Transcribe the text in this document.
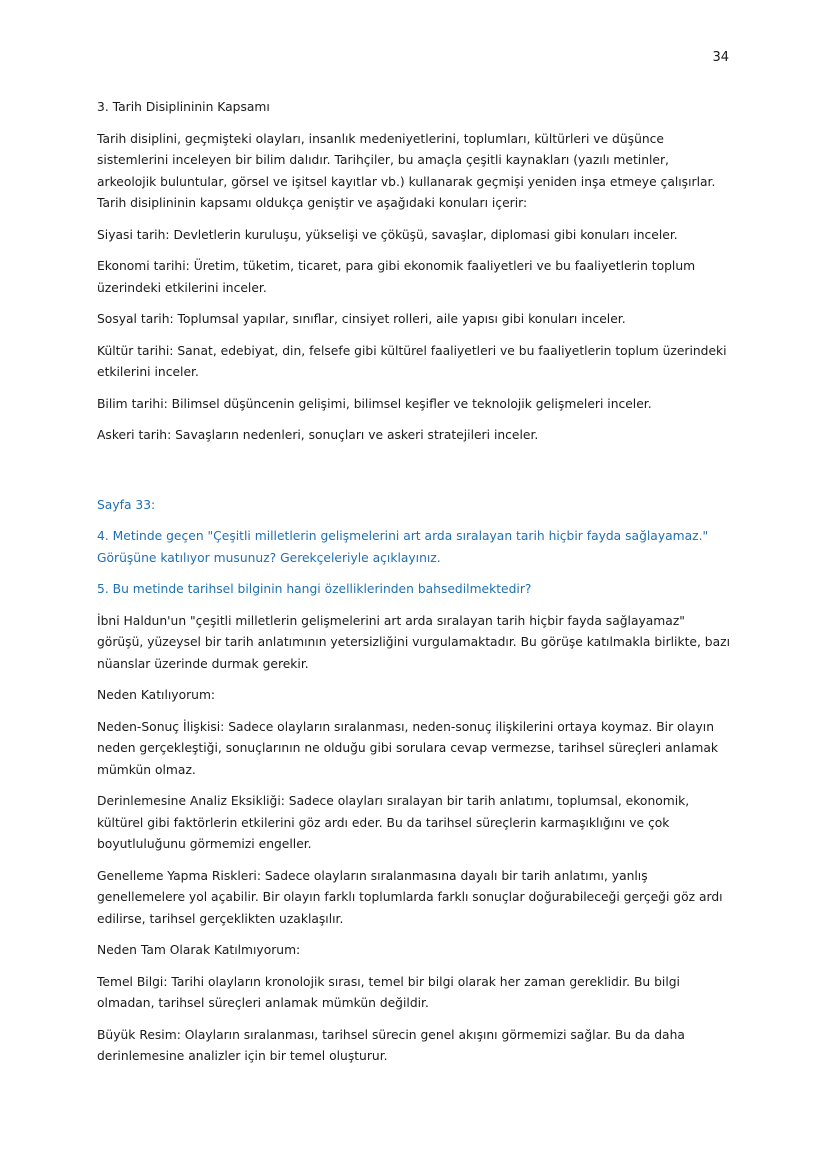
34

3. Tarih Disiplininin Kapsamı

Tarih disiplini, geçmişteki olayları, insanlık medeniyetlerini, toplumları, kültürleri ve düşünce sistemlerini inceleyen bir bilim dalıdır. Tarihçiler, bu amaçla çeşitli kaynakları (yazılı metinler, arkeolojik buluntular, görsel ve işitsel kayıtlar vb.) kullanarak geçmişi yeniden inşa etmeye çalışırlar. Tarih disiplininin kapsamı oldukça geniştir ve aşağıdaki konuları içerir:

Siyasi tarih: Devletlerin kuruluşu, yükselişi ve çöküşü, savaşlar, diplomasi gibi konuları inceler.

Ekonomi tarihi: Üretim, tüketim, ticaret, para gibi ekonomik faaliyetleri ve bu faaliyetlerin toplum üzerindeki etkilerini inceler.

Sosyal tarih: Toplumsal yapılar, sınıflar, cinsiyet rolleri, aile yapısı gibi konuları inceler.

Kültür tarihi: Sanat, edebiyat, din, felsefe gibi kültürel faaliyetleri ve bu faaliyetlerin toplum üzerindeki etkilerini inceler.

Bilim tarihi: Bilimsel düşüncenin gelişimi, bilimsel keşifler ve teknolojik gelişmeleri inceler.

Askeri tarih: Savaşların nedenleri, sonuçları ve askeri stratejileri inceler.

Sayfa 33:

4. Metinde geçen "Çeşitli milletlerin gelişmelerini art arda sıralayan tarih hiçbir fayda sağlayamaz." Görüşüne katılıyor musunuz? Gerekçeleriyle açıklayınız.

5. Bu metinde tarihsel bilginin hangi özelliklerinden bahsedilmektedir?

İbni Haldun'un "çeşitli milletlerin gelişmelerini art arda sıralayan tarih hiçbir fayda sağlayamaz" görüşü, yüzeysel bir tarih anlatımının yetersizliğini vurgulamaktadır. Bu görüşe katılmakla birlikte, bazı nüanslar üzerinde durmak gerekir.

Neden Katılıyorum:

Neden-Sonuç İlişkisi: Sadece olayların sıralanması, neden-sonuç ilişkilerini ortaya koymaz. Bir olayın neden gerçekleştiği, sonuçlarının ne olduğu gibi sorulara cevap vermezse, tarihsel süreçleri anlamak mümkün olmaz.

Derinlemesine Analiz Eksikliği: Sadece olayları sıralayan bir tarih anlatımı, toplumsal, ekonomik, kültürel gibi faktörlerin etkilerini göz ardı eder. Bu da tarihsel süreçlerin karmaşıklığını ve çok boyutluluğunu görmemizi engeller.

Genelleme Yapma Riskleri: Sadece olayların sıralanmasına dayalı bir tarih anlatımı, yanlış genellemelere yol açabilir. Bir olayın farklı toplumlarda farklı sonuçlar doğurabileceği gerçeği göz ardı edilirse, tarihsel gerçeklikten uzaklaşılır.

Neden Tam Olarak Katılmıyorum:

Temel Bilgi: Tarihi olayların kronolojik sırası, temel bir bilgi olarak her zaman gereklidir. Bu bilgi olmadan, tarihsel süreçleri anlamak mümkün değildir.

Büyük Resim: Olayların sıralanması, tarihsel sürecin genel akışını görmemizi sağlar. Bu da daha derinlemesine analizler için bir temel oluşturur.
